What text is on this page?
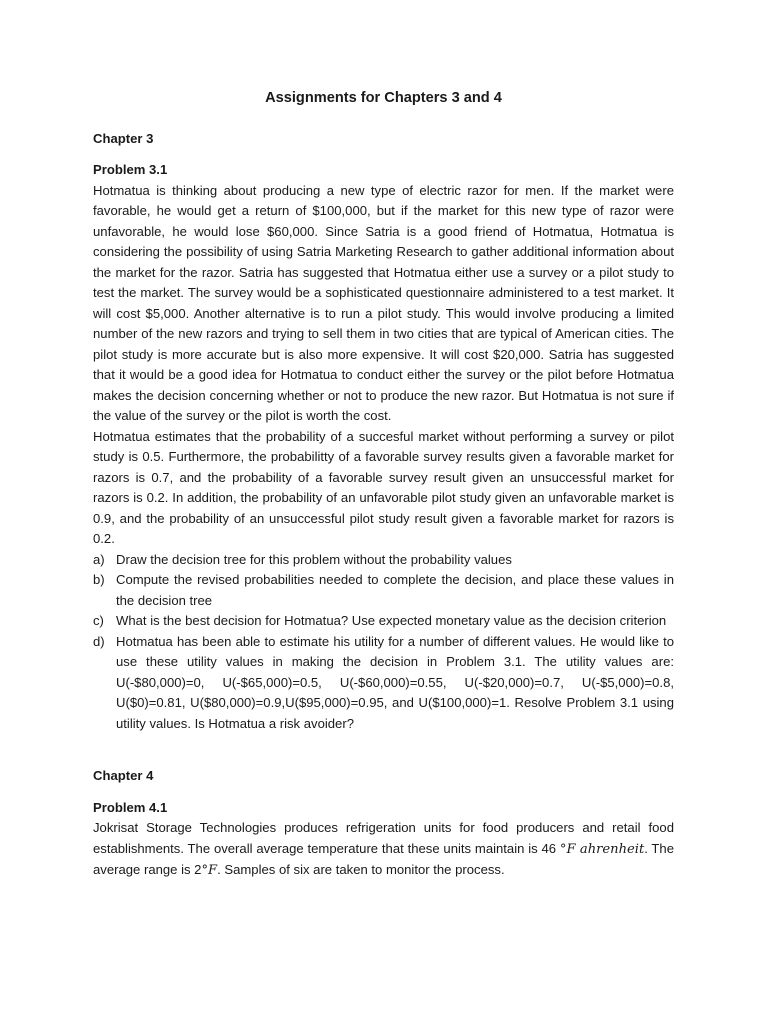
Assignments for Chapters 3 and 4
Chapter 3
Problem 3.1

Hotmatua is thinking about producing a new type of electric razor for men. If the market were favorable, he would get a return of $100,000, but if the market for this new type of razor were unfavorable, he would lose $60,000. Since Satria is a good friend of Hotmatua, Hotmatua is considering the possibility of using Satria Marketing Research to gather additional information about the market for the razor. Satria has suggested that Hotmatua either use a survey or a pilot study to test the market. The survey would be a sophisticated questionnaire administered to a test market. It will cost $5,000. Another alternative is to run a pilot study. This would involve producing a limited number of the new razors and trying to sell them in two cities that are typical of American cities. The pilot study is more accurate but is also more expensive. It will cost $20,000. Satria has suggested that it would be a good idea for Hotmatua to conduct either the survey or the pilot before Hotmatua makes the decision concerning whether or not to produce the new razor. But Hotmatua is not sure if the value of the survey or the pilot is worth the cost.

Hotmatua estimates that the probability of a succesful market without performing a survey or pilot study is 0.5. Furthermore, the probabilitty of a favorable survey results given a favorable market for razors is 0.7, and the probability of a favorable survey result given an unsuccessful market for razors is 0.2. In addition, the probability of an unfavorable pilot study given an unfavorable market is 0.9, and the probability of an unsuccessful pilot study result given a favorable market for razors is 0.2.

a) Draw the decision tree for this problem without the probability values
b) Compute the revised probabilities needed to complete the decision, and place these values in the decision tree
c) What is the best decision for Hotmatua? Use expected monetary value as the decision criterion
d) Hotmatua has been able to estimate his utility for a number of different values. He would like to use these utility values in making the decision in Problem 3.1. The utility values are: U(-$80,000)=0, U(-$65,000)=0.5, U(-$60,000)=0.55, U(-$20,000)=0.7, U(-$5,000)=0.8, U($0)=0.81, U($80,000)=0.9,U($95,000)=0.95, and U($100,000)=1. Resolve Problem 3.1 using utility values. Is Hotmatua a risk avoider?
Chapter 4
Problem 4.1

Jokrisat Storage Technologies produces refrigeration units for food producers and retail food establishments. The overall average temperature that these units maintain is 46 °F ahrenheit. The average range is 2°F. Samples of six are taken to monitor the process.
